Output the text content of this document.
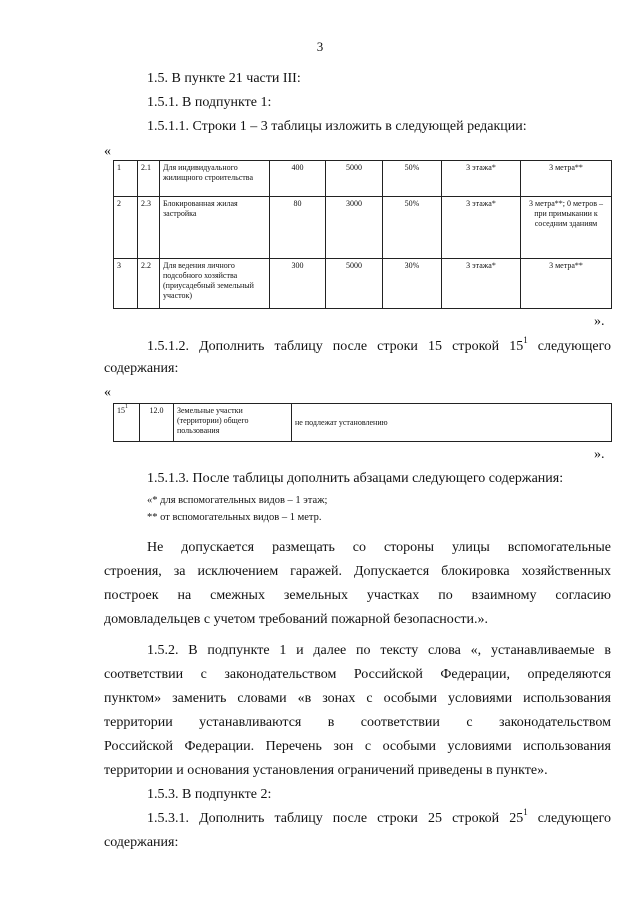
3
1.5. В пункте 21 части III:
1.5.1. В подпункте 1:
1.5.1.1. Строки 1 – 3 таблицы изложить в следующей редакции:
«
1	2.1	Для индивидуального жилищного строительства	400	5000	50%	3 этажа*	3 метра**
2	2.3	Блокированная жилая застройка	80	3000	50%	3 этажа*	3 метра**; 0 метров – при примыкании к соседним зданиям
3	2.2	Для ведения личного подсобного хозяйства (приусадебный земельный участок)	300	5000	30%	3 этажа*	3 метра**
».
1.5.1.2. Дополнить таблицу после строки 15 строкой $15^1$ следующего
содержания:
«
$15^1$	12.0	Земельные участки (территории) общего пользования	не подлежат установлению
».
1.5.1.3. После таблицы дополнить абзацами следующего содержания:
«* для вспомогательных видов – 1 этаж;
** от вспомогательных видов – 1 метр.
Не допускается размещать со стороны улицы вспомогательные
строения, за исключением гаражей. Допускается блокировка хозяйственных
построек на смежных земельных участках по взаимному согласию
домовладельцев с учетом требований пожарной безопасности.».
1.5.2. В подпункте 1 и далее по тексту слова «, устанавливаемые в
соответствии с законодательством Российской Федерации, определяются
пунктом» заменить словами «в зонах с особыми условиями использования
территории устанавливаются в соответствии с законодательством
Российской Федерации. Перечень зон с особыми условиями использования
территории и основания установления ограничений приведены в пункте».
1.5.3. В подпункте 2:
1.5.3.1. Дополнить таблицу после строки 25 строкой $25^1$ следующего
содержания:
